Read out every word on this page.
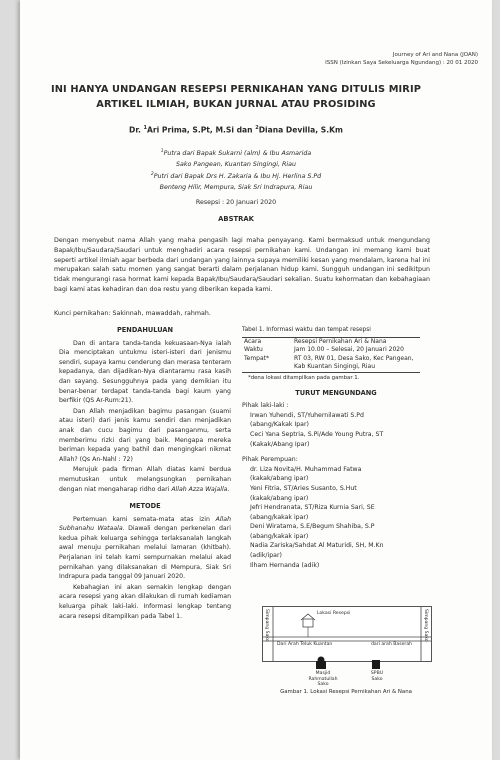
Journey of Ari and Nana (JOAN)
ISSN (Izinkan Saya Sekeluarga Ngundang) : 20 01 2020
INI HANYA UNDANGAN RESEPSI PERNIKAHAN YANG DITULIS MIRIP
ARTIKEL ILMIAH, BUKAN JURNAL ATAU PROSIDING
Dr. $^1$Ari Prima, S.Pt, M.Si dan $^2$Diana Devilla, S.Km
$^1$Putra dari Bapak Sukarni (alm) & Ibu Asmarida
Sako Pangean, Kuantan Singingi, Riau
$^2$Putri dari Bapak Drs H. Zakaria & Ibu Hj. Herlina S.Pd
Benteng Hilir, Mempura, Siak Sri Indrapura, Riau
Resepsi : 20 Januari 2020
ABSTRAK
Dengan menyebut nama Allah yang maha pengasih lagi maha penyayang. Kami bermaksud untuk mengundang Bapak/Ibu/Saudara/Saudari untuk menghadiri acara resepsi pernikahan kami. Undangan ini memang kami buat seperti artikel ilmiah agar berbeda dari undangan yang lainnya supaya memiliki kesan yang mendalam, karena hal ini merupakan salah satu momen yang sangat berarti dalam perjalanan hidup kami. Sungguh undangan ini sedikitpun tidak mengurangi rasa hormat kami kepada Bapak/Ibu/Saudara/Saudari sekalian. Suatu kehormatan dan kebahagiaan bagi kami atas kehadiran dan doa restu yang diberikan kepada kami.
Kunci pernikahan: Sakinnah, mawaddah, rahmah.
PENDAHULUAN

Dan di antara tanda-tanda kekuasaan-Nya ialah Dia menciptakan untukmu isteri-isteri dari jenismu sendiri, supaya kamu cenderung dan merasa tenteram kepadanya, dan dijadikan-Nya diantaramu rasa kasih dan sayang. Sesungguhnya pada yang demikian itu benar-benar terdapat tanda-tanda bagi kaum yang berfikir (QS Ar-Rum:21).

Dan Allah menjadikan bagimu pasangan (suami atau isteri) dari jenis kamu sendiri dan menjadikan anak dan cucu bagimu dari pasanganmu, serta memberimu rizki dari yang baik. Mengapa mereka beriman kepada yang bathil dan mengingkari nikmat Allah? (Qs An-Nahl : 72)

Merujuk pada firman Allah diatas kami berdua memutuskan untuk melangsungkan pernikahan dengan niat mengaharap ridho dari Allah Azza Wajalla.

METODE

Pertemuan kami semata-mata atas izin Allah Subhanahu Wataala. Diawali dengan perkenelan dari kedua pihak keluarga sehingga terlaksanalah langkah awal menuju pernikahan melalui lamaran (khitbah). Perjalanan ini telah kami sempurnakan melalui akad pernikahan yang dilaksanakan di Mempura, Siak Sri Indrapura pada tanggal 09 Januari 2020.

Kebahagian ini akan semakin lengkap dengan acara resepsi yang akan dilakukan di rumah kediaman keluarga pihak laki-laki. Informasi lengkap tentang acara resepsi ditampilkan pada Tabel 1.

Tabel 1. Informasi waktu dan tempat resepsi

Acara	Resepsi Pernikahan Ari & Nana
Waktu	Jam 10.00 – Selesai, 20 Januari 2020
Tempat*	RT 03, RW 01, Desa Sako, Kec Pangean, Kab Kuantan Singingi, Riau

*dena lokasi ditampilkan pada gambar 1.

TURUT MENGUNDANG
Pihak laki-laki :
Irwan Yuhendi, ST/Yuhernilawati S.Pd
(abang/Kakak Ipar)
Ceci Yana Septria, S.Pi/Ade Young Putra, ST
(Kakak/Abang Ipar)
Pihak Perempuan:
dr. Liza Novita/H. Muhammad Fatwa
(kakak/abang ipar)
Yeni Fitria, ST/Aries Susanto, S.Hut
(kakak/abang ipar)
Jefri Hendranata, ST/Riza Kurnia Sari, SE
(abang/kakak ipar)
Deni Wiratama, S.E/Begum Shahiba, S.P
(abang/kakak ipar)
Nadia Zariska/Sahdat Al Maturidi, SH, M.Kn
(adik/ipar)
Ilham Hernanda (adik)
Lokasi Resepsi
Simpang Sako	Simpang Sako
Dari Arah Teluk Kuantan	dari arah Baserah
Masjid Rahmatullah Sako
SPBU Sako
Gambar 1. Lokasi Resepsi Pernikahan Ari & Nana
